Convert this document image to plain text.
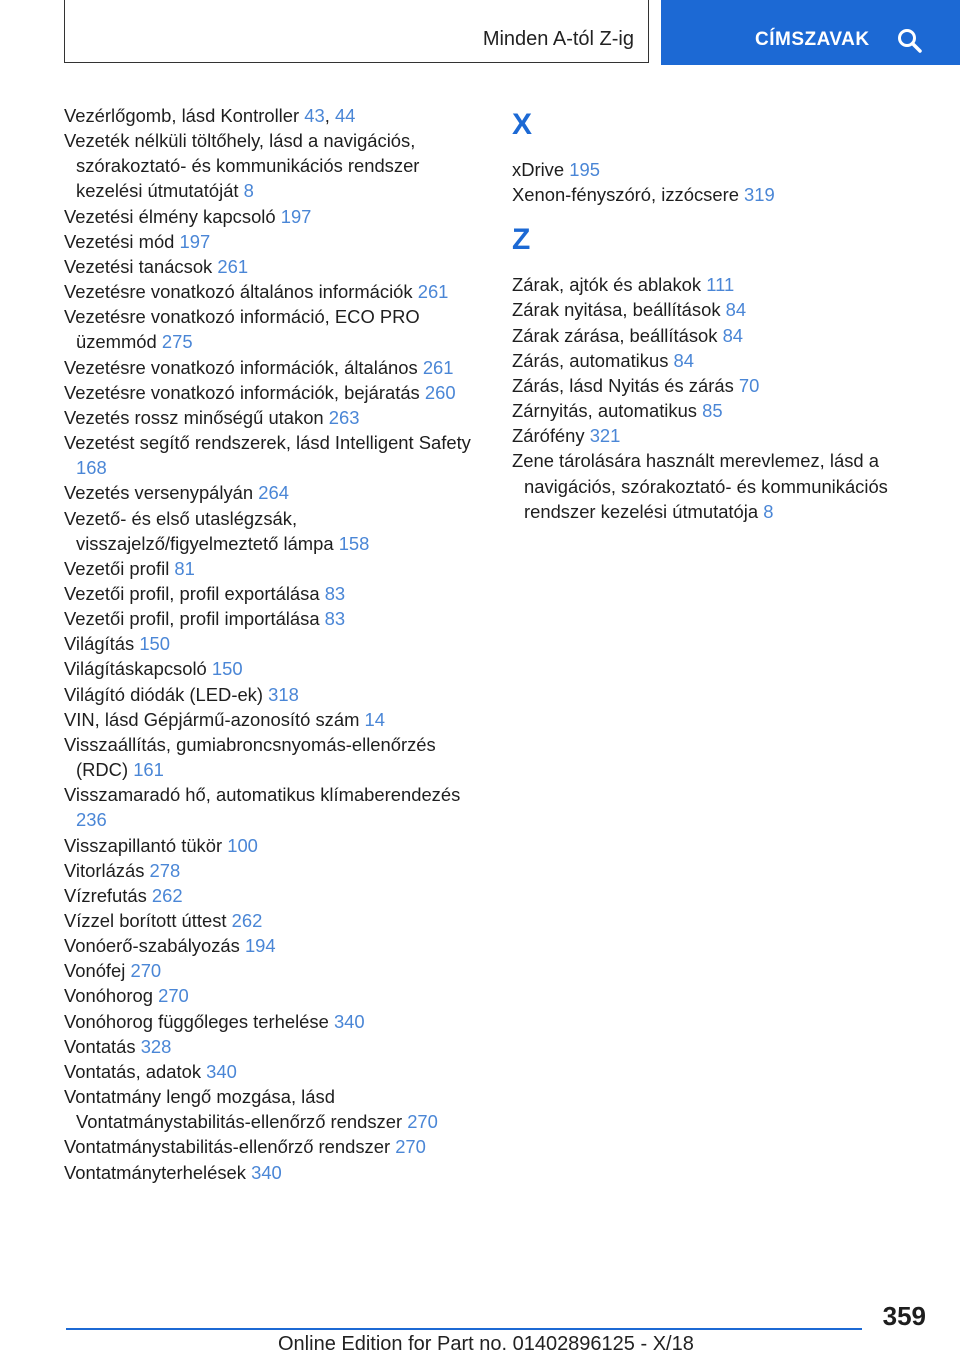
Minden A-tól Z-ig	CÍMSZAVAK

Vezérlőgomb, lásd Kontroller 43, 44

Vezeték nélküli töltőhely, lásd a navigációs, szórakoztató- és kommunikációs rendszer kezelési útmutatóját 8

Vezetési élmény kapcsoló 197

Vezetési mód 197

Vezetési tanácsok 261

Vezetésre vonatkozó általános információk 261

Vezetésre vonatkozó információ, ECO PRO üzemmód 275

Vezetésre vonatkozó információk, általános 261

Vezetésre vonatkozó információk, bejáratás 260

Vezetés rossz minőségű utakon 263

Vezetést segítő rendszerek, lásd Intelligent Safety 168

Vezetés versenypályán 264

Vezető- és első utaslégzsák, visszajelző/figyelmeztető lámpa 158

Vezetői profil 81

Vezetői profil, profil exportálása 83

Vezetői profil, profil importálása 83

Világítás 150

Világításkapcsoló 150

Világító diódák (LED-ek) 318

VIN, lásd Gépjármű-azonosító szám 14

Visszaállítás, gumiabroncsnyomás-ellenőrzés (RDC) 161

Visszamaradó hő, automatikus klímaberendezés 236

Visszapillantó tükör 100

Vitorlázás 278

Vízrefutás 262

Vízzel borított úttest 262

Vonóerő-szabályozás 194

Vonófej 270

Vonóhorog 270

Vonóhorog függőleges terhelése 340

Vontatás 328

Vontatás, adatok 340

Vontatmány lengő mozgása, lásd Vontatmánystabilitás-ellenőrző rendszer 270

Vontatmánystabilitás-ellenőrző rendszer 270

Vontatmányterhelések 340

X

xDrive 195

Xenon-fényszóró, izzócsere 319

Z

Zárak, ajtók és ablakok 111

Zárak nyitása, beállítások 84

Zárak zárása, beállítások 84

Zárás, automatikus 84

Zárás, lásd Nyitás és zárás 70

Zárnyitás, automatikus 85

Zárófény 321

Zene tárolására használt merevlemez, lásd a navigációs, szórakoztató- és kommunikációs rendszer kezelési útmutatója 8

359
Online Edition for Part no. 01402896125 - X/18
